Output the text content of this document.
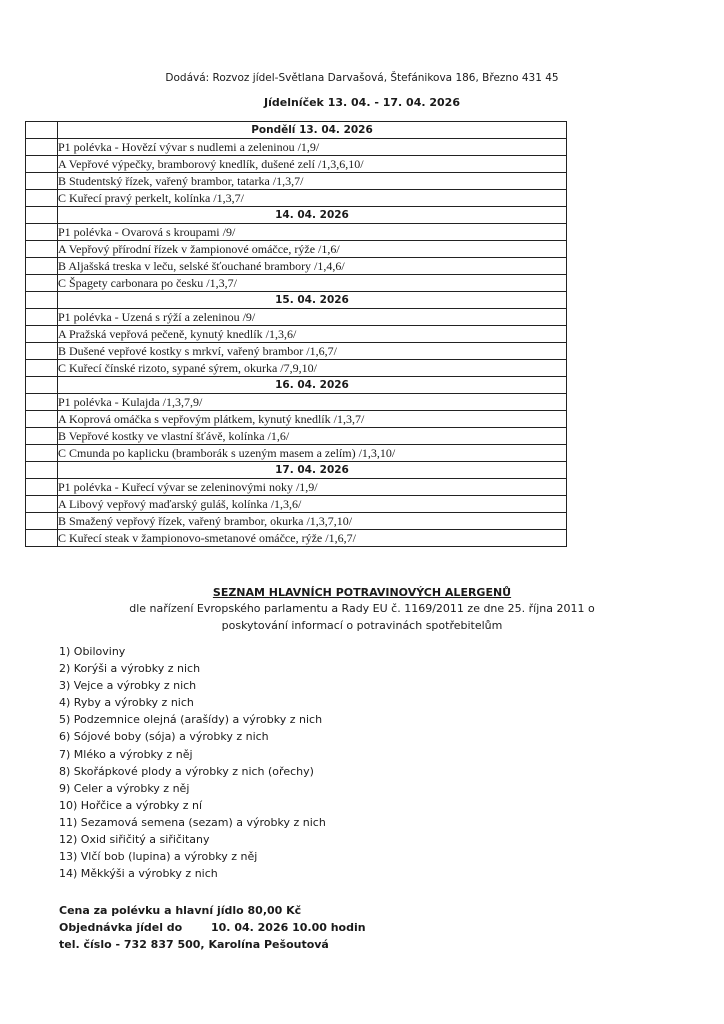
Dodává: Rozvoz jídel-Světlana Darvašová, Štefánikova 186, Březno 431 45
Jídelníček 13. 04. - 17. 04. 2026
	Pondělí 13. 04. 2026
	P1 polévka - Hovězí vývar s nudlemi a zeleninou /1,9/
	A Vepřové výpečky, bramborový knedlík, dušené zelí /1,3,6,10/
	B Studentský řízek, vařený brambor, tatarka /1,3,7/
	C Kuřecí pravý perkelt, kolínka /1,3,7/
	14. 04. 2026
	P1 polévka - Ovarová s kroupami /9/
	A Vepřový přírodní řízek v žampionové omáčce, rýže /1,6/
	B Aljašská treska v leču, selské šťouchané brambory /1,4,6/
	C Špagety carbonara po česku /1,3,7/
	15. 04. 2026
	P1 polévka - Uzená s rýží a zeleninou /9/
	A Pražská vepřová pečeně, kynutý knedlík /1,3,6/
	B Dušené vepřové kostky s mrkví, vařený brambor /1,6,7/
	C Kuřecí čínské rizoto, sypané sýrem, okurka /7,9,10/
	16. 04. 2026
	P1 polévka - Kulajda /1,3,7,9/
	A Koprová omáčka s vepřovým plátkem, kynutý knedlík /1,3,7/
	B Vepřové kostky ve vlastní šťávě, kolínka /1,6/
	C Cmunda po kaplicku (bramborák s uzeným masem a zelím) /1,3,10/
	17. 04. 2026
	P1 polévka - Kuřecí vývar se zeleninovými noky /1,9/
	A Libový vepřový maďarský guláš, kolínka /1,3,6/
	B Smažený vepřový řízek, vařený brambor, okurka /1,3,7,10/
	C Kuřecí steak v žampionovo-smetanové omáčce, rýže /1,6,7/
SEZNAM HLAVNÍCH POTRAVINOVÝCH ALERGENŮ
dle nařízení Evropského parlamentu a Rady EU č. 1169/2011 ze dne 25. října 2011 o
poskytování informací o potravinách spotřebitelům
1) Obiloviny
2) Korýši a výrobky z nich
3) Vejce a výrobky z nich
4) Ryby a výrobky z nich
5) Podzemnice olejná (arašídy) a výrobky z nich
6) Sójové boby (sója) a výrobky z nich
7) Mléko a výrobky z něj
8) Skořápkové plody a výrobky z nich (ořechy)
9) Celer a výrobky z něj
10) Hořčice a výrobky z ní
11) Sezamová semena (sezam) a výrobky z nich
12) Oxid siřičitý a siřičitany
13) Vlčí bob (lupina) a výrobky z něj
14) Měkkýši a výrobky z nich
Cena za polévku a hlavní jídlo 80,00 Kč
Objednávka jídel do	10. 04. 2026 10.00 hodin
tel. číslo - 732 837 500, Karolína Pešoutová
